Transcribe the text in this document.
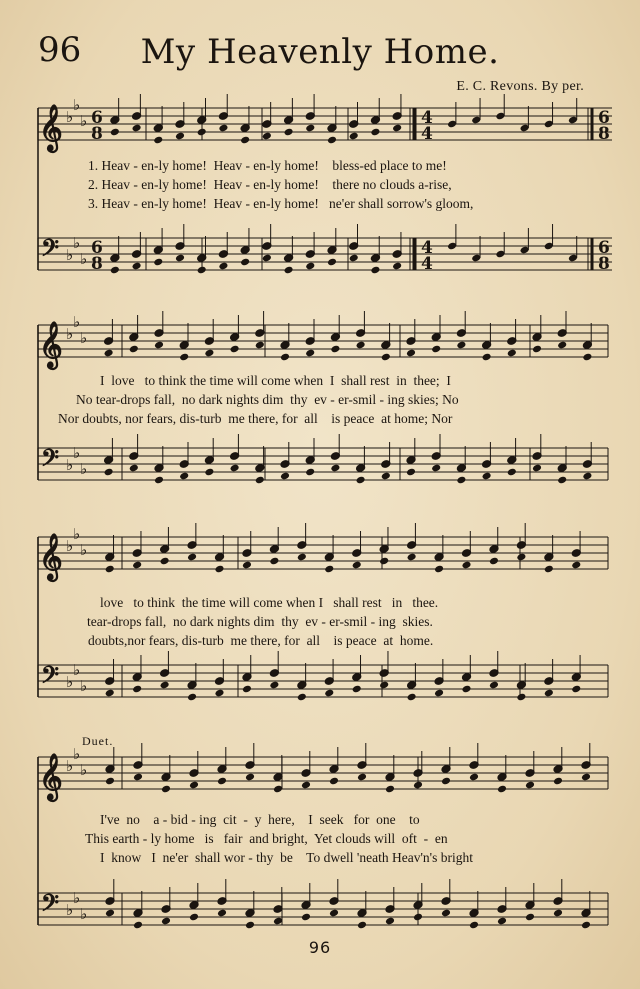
96	My Heavenly Home.
E. C. Revons. By per.
𝄞 ♭
♭
♭
𝄢 ♭
♭
♭
6
8
6
8
4
4
4
4
6
8
6
8
𝄞 ♭
♭
♭
𝄢 ♭
♭
♭
𝄞 ♭
♭
♭
𝄢 ♭
♭
♭
𝄞 ♭
♭
♭
𝄢 ♭
♭
♭
1. Heav - en-ly home!  Heav - en-ly home!    bless-ed place to me!
2. Heav - en-ly home!  Heav - en-ly home!    there no clouds a-rise,
3. Heav - en-ly home!  Heav - en-ly home!   ne'er shall sorrow's gloom,
I  love   to think the time will come when  I  shall rest  in  thee;  I
No tear-drops fall,  no dark nights dim  thy  ev - er-smil - ing skies; No
Nor doubts, nor fears, dis-turb  me there, for  all    is peace  at home; Nor
love   to think  the time will come when I   shall rest   in   thee.
tear-drops fall,  no dark nights dim  thy  ev - er-smil - ing  skies.
doubts,nor fears, dis-turb  me there, for  all    is peace  at  home.
Duet.
I've  no    a - bid - ing  cit  -  y  here,    I  seek   for  one    to
This earth - ly home   is   fair  and bright,  Yet clouds will  oft  -  en
I  know   I  ne'er  shall wor - thy  be    To dwell 'neath Heav'n's bright
96
